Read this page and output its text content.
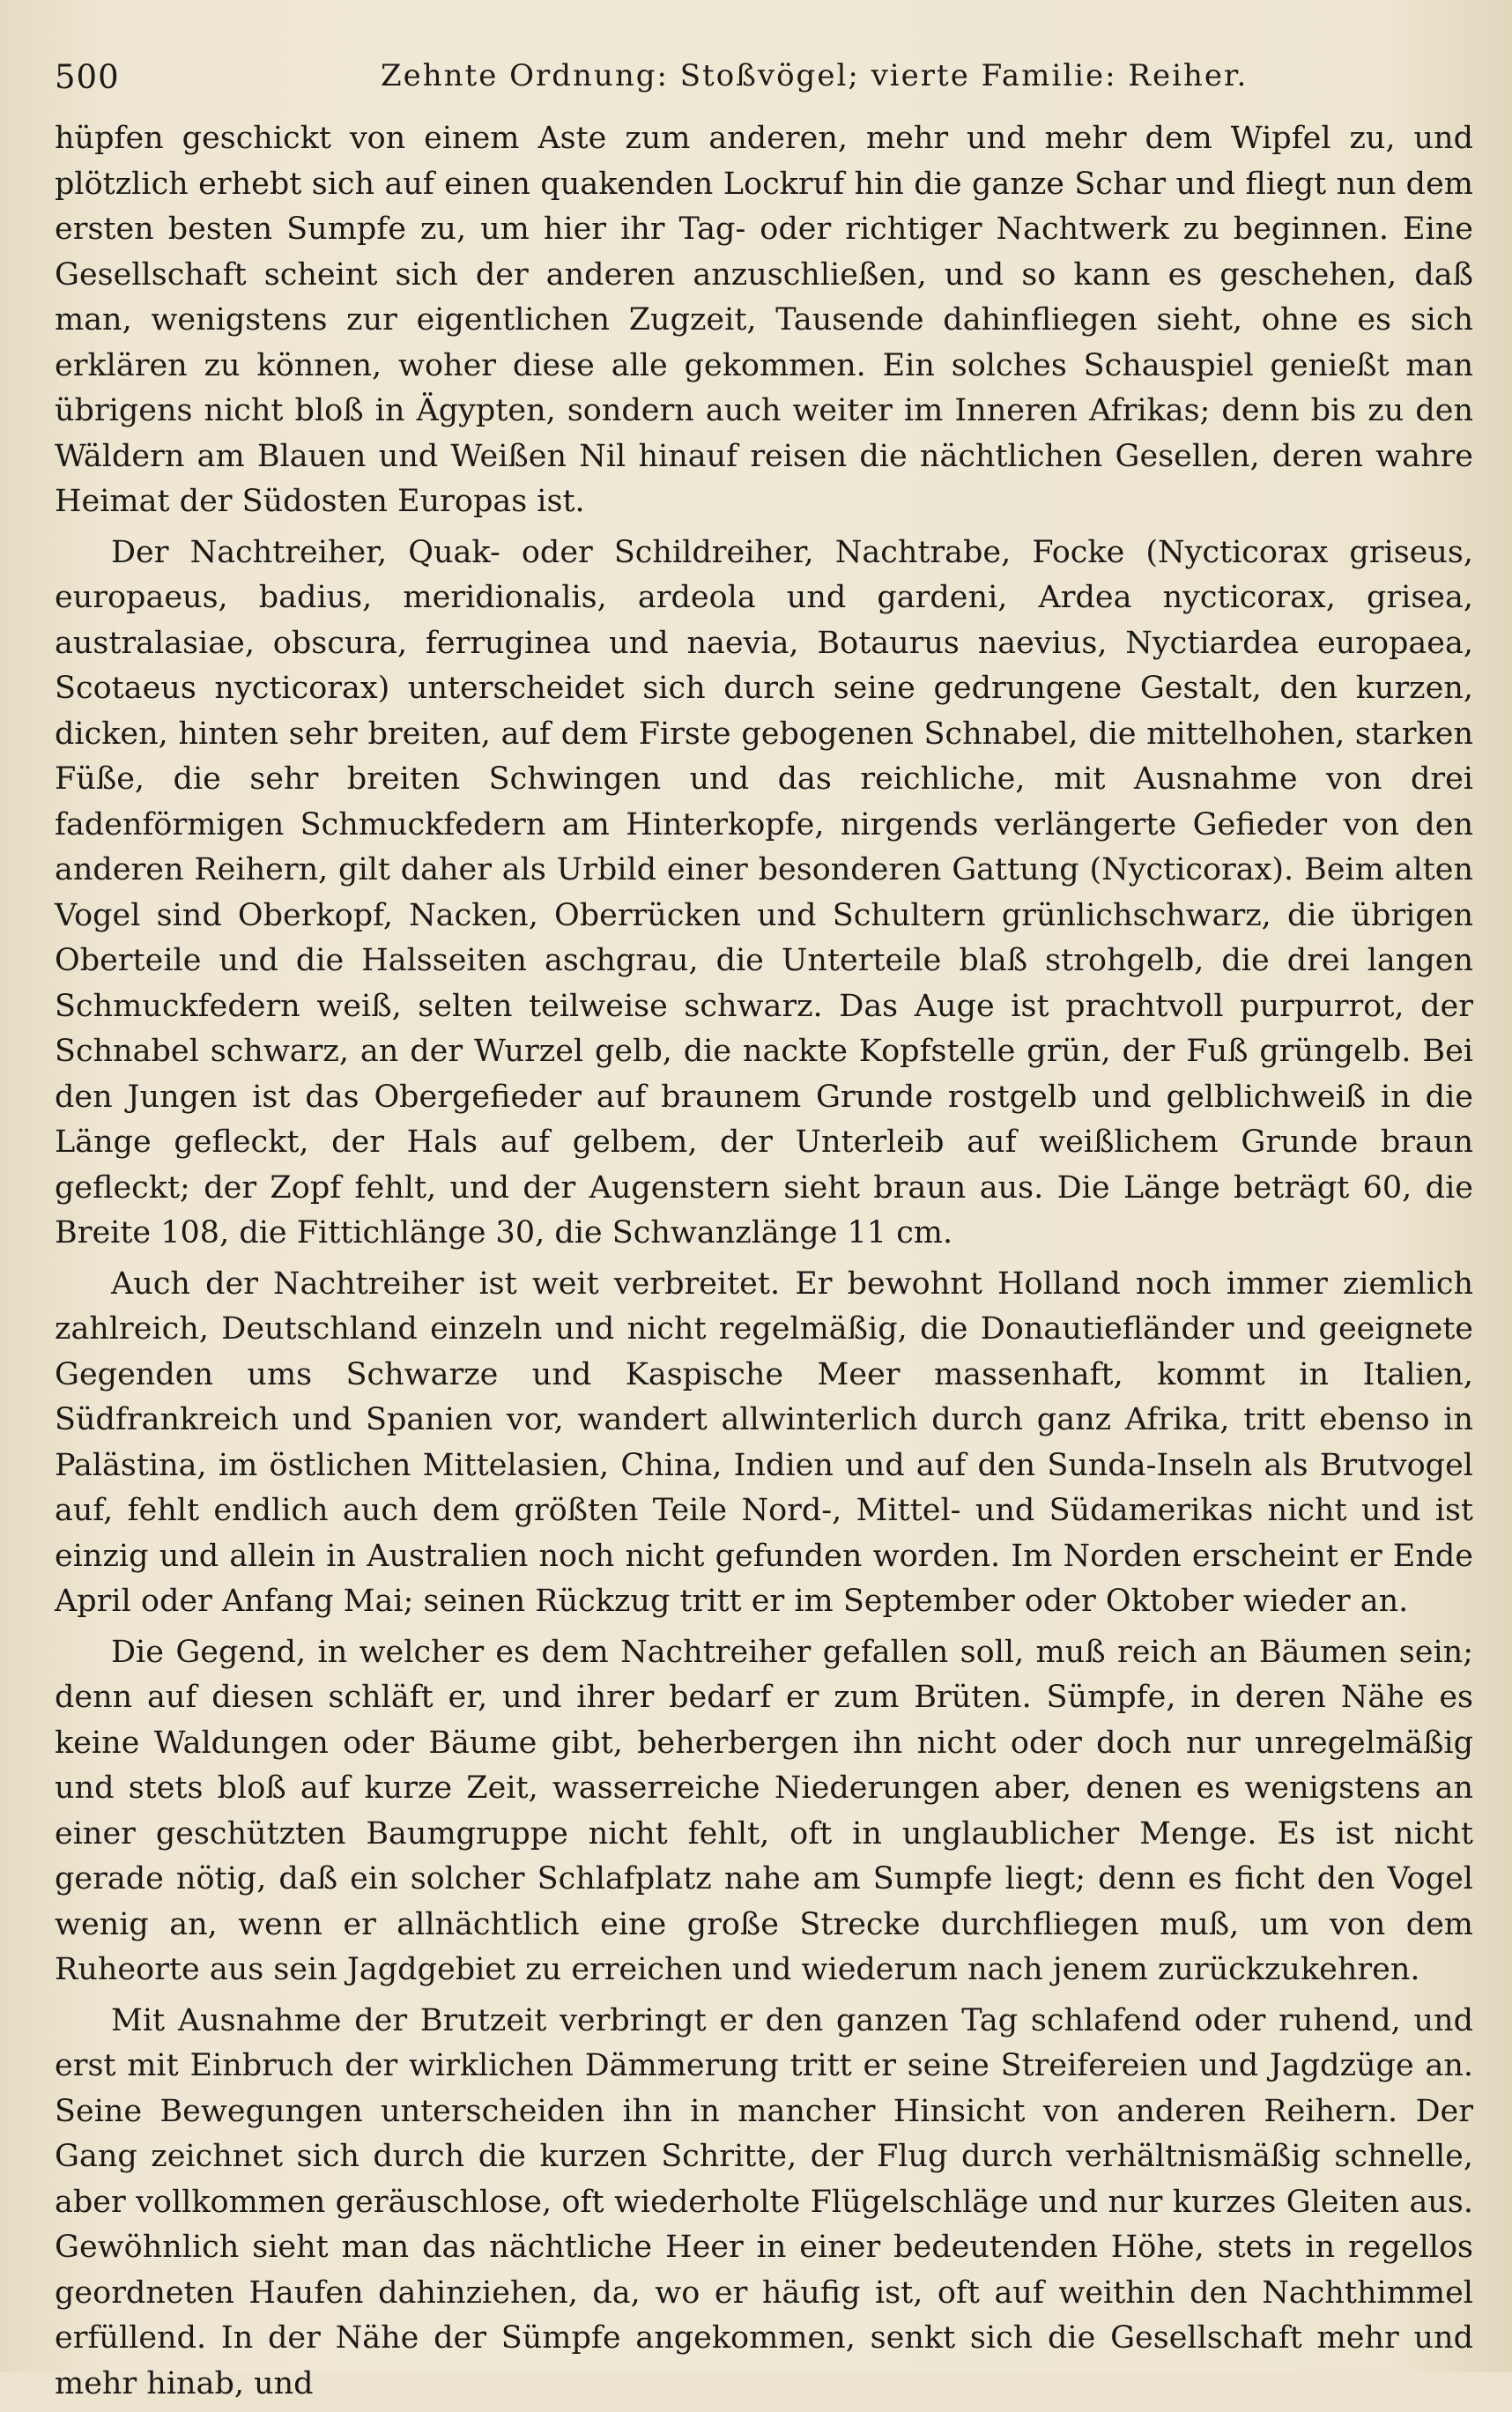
500	Zehnte Ordnung: Stoßvögel; vierte Familie: Reiher.

hüpfen geschickt von einem Aste zum anderen, mehr und mehr dem Wipfel zu, und plötzlich erhebt sich auf einen quakenden Lockruf hin die ganze Schar und fliegt nun dem ersten besten Sumpfe zu, um hier ihr Tag- oder richtiger Nachtwerk zu beginnen. Eine Gesellschaft scheint sich der anderen anzuschließen, und so kann es geschehen, daß man, wenigstens zur eigentlichen Zugzeit, Tausende dahinfliegen sieht, ohne es sich erklären zu können, woher diese alle gekommen. Ein solches Schauspiel genießt man übrigens nicht bloß in Ägypten, sondern auch weiter im Inneren Afrikas; denn bis zu den Wäldern am Blauen und Weißen Nil hinauf reisen die nächtlichen Gesellen, deren wahre Heimat der Südosten Europas ist.

Der Nachtreiher, Quak- oder Schildreiher, Nachtrabe, Focke (Nycticorax griseus, europaeus, badius, meridionalis, ardeola und gardeni, Ardea nycticorax, grisea, australasiae, obscura, ferruginea und naevia, Botaurus naevius, Nyctiardea europaea, Scotaeus nycticorax) unterscheidet sich durch seine gedrungene Gestalt, den kurzen, dicken, hinten sehr breiten, auf dem Firste gebogenen Schnabel, die mittelhohen, starken Füße, die sehr breiten Schwingen und das reichliche, mit Ausnahme von drei fadenförmigen Schmuckfedern am Hinterkopfe, nirgends verlängerte Gefieder von den anderen Reihern, gilt daher als Urbild einer besonderen Gattung (Nycticorax). Beim alten Vogel sind Oberkopf, Nacken, Oberrücken und Schultern grünlichschwarz, die übrigen Oberteile und die Halsseiten aschgrau, die Unterteile blaß strohgelb, die drei langen Schmuckfedern weiß, selten teilweise schwarz. Das Auge ist prachtvoll purpurrot, der Schnabel schwarz, an der Wurzel gelb, die nackte Kopfstelle grün, der Fuß grüngelb. Bei den Jungen ist das Obergefieder auf braunem Grunde rostgelb und gelblichweiß in die Länge gefleckt, der Hals auf gelbem, der Unterleib auf weißlichem Grunde braun gefleckt; der Zopf fehlt, und der Augenstern sieht braun aus. Die Länge beträgt 60, die Breite 108, die Fittichlänge 30, die Schwanzlänge 11 cm.

Auch der Nachtreiher ist weit verbreitet. Er bewohnt Holland noch immer ziemlich zahlreich, Deutschland einzeln und nicht regelmäßig, die Donautiefländer und geeignete Gegenden ums Schwarze und Kaspische Meer massenhaft, kommt in Italien, Südfrankreich und Spanien vor, wandert allwinterlich durch ganz Afrika, tritt ebenso in Palästina, im östlichen Mittelasien, China, Indien und auf den Sunda-Inseln als Brutvogel auf, fehlt endlich auch dem größten Teile Nord-, Mittel- und Südamerikas nicht und ist einzig und allein in Australien noch nicht gefunden worden. Im Norden erscheint er Ende April oder Anfang Mai; seinen Rückzug tritt er im September oder Oktober wieder an.

Die Gegend, in welcher es dem Nachtreiher gefallen soll, muß reich an Bäumen sein; denn auf diesen schläft er, und ihrer bedarf er zum Brüten. Sümpfe, in deren Nähe es keine Waldungen oder Bäume gibt, beherbergen ihn nicht oder doch nur unregelmäßig und stets bloß auf kurze Zeit, wasserreiche Niederungen aber, denen es wenigstens an einer geschützten Baumgruppe nicht fehlt, oft in unglaublicher Menge. Es ist nicht gerade nötig, daß ein solcher Schlafplatz nahe am Sumpfe liegt; denn es ficht den Vogel wenig an, wenn er allnächtlich eine große Strecke durchfliegen muß, um von dem Ruheorte aus sein Jagdgebiet zu erreichen und wiederum nach jenem zurückzukehren.

Mit Ausnahme der Brutzeit verbringt er den ganzen Tag schlafend oder ruhend, und erst mit Einbruch der wirklichen Dämmerung tritt er seine Streifereien und Jagdzüge an. Seine Bewegungen unterscheiden ihn in mancher Hinsicht von anderen Reihern. Der Gang zeichnet sich durch die kurzen Schritte, der Flug durch verhältnismäßig schnelle, aber vollkommen geräuschlose, oft wiederholte Flügelschläge und nur kurzes Gleiten aus. Gewöhnlich sieht man das nächtliche Heer in einer bedeutenden Höhe, stets in regellos geordneten Haufen dahinziehen, da, wo er häufig ist, oft auf weithin den Nachthimmel erfüllend. In der Nähe der Sümpfe angekommen, senkt sich die Gesellschaft mehr und mehr hinab, und
